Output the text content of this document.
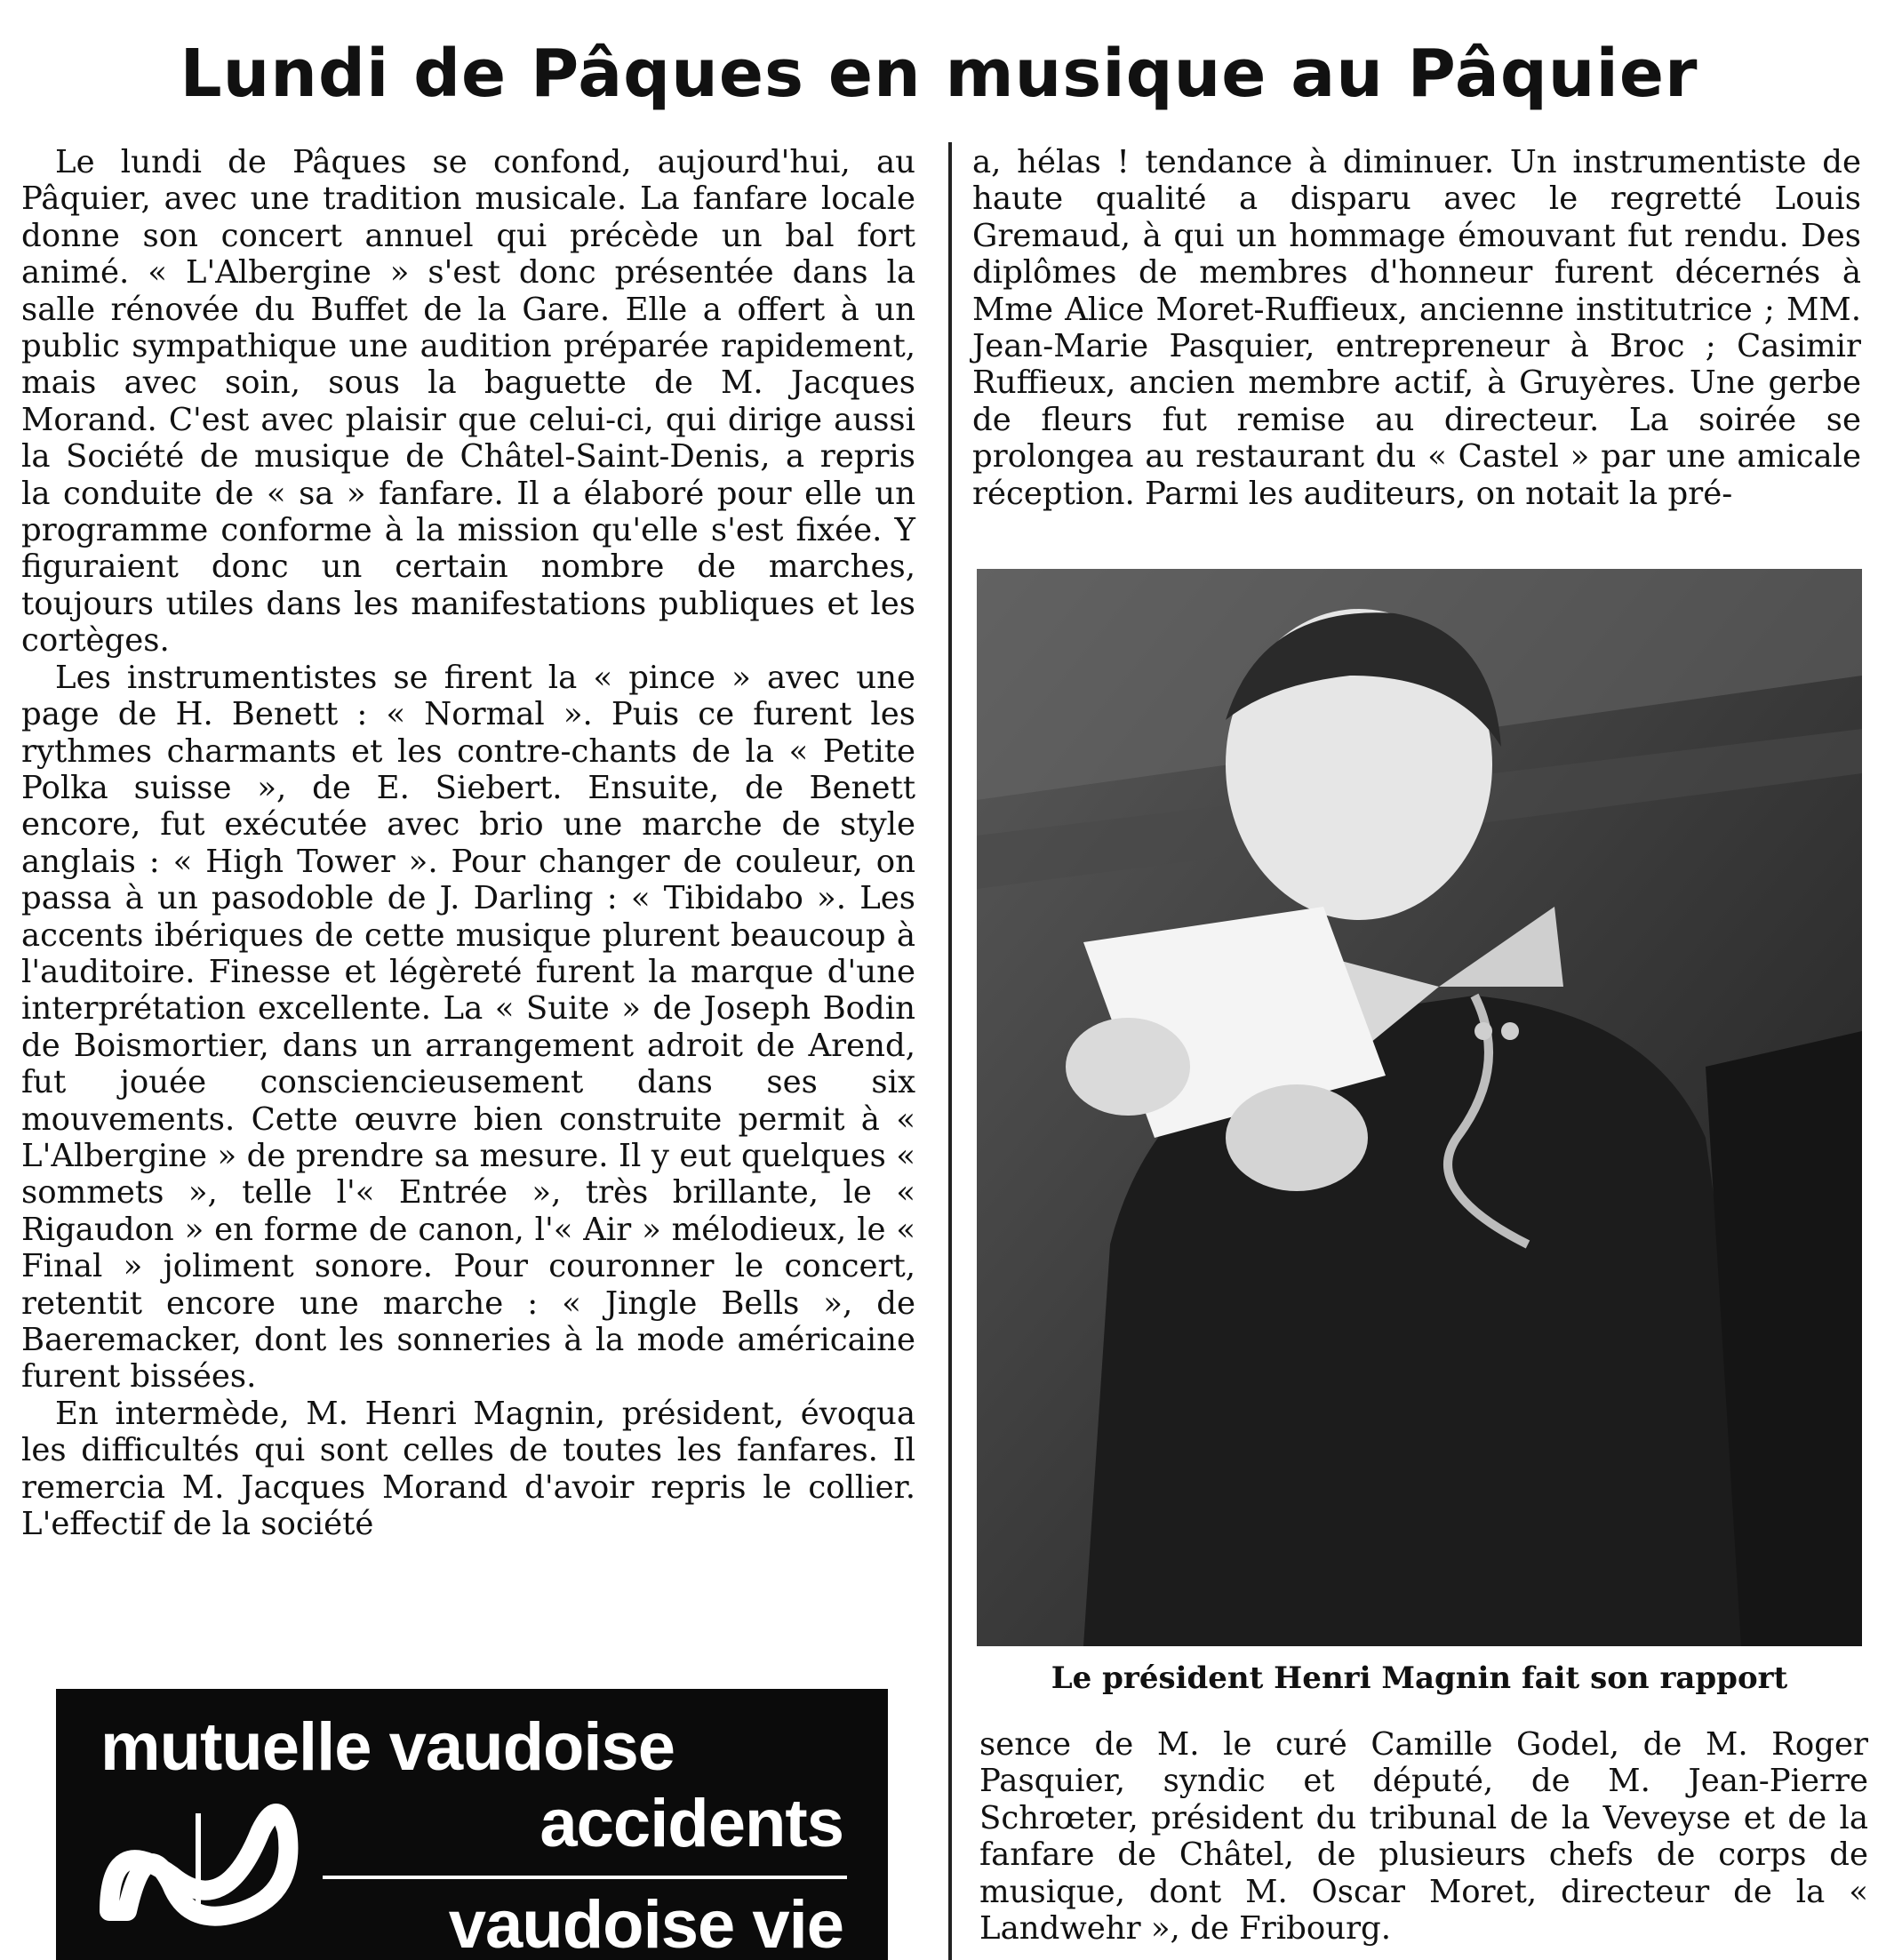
Lundi de Pâques en musique au Pâquier

Le lundi de Pâques se confond, aujourd'hui, au Pâquier, avec une tradition musicale. La fanfare locale donne son concert annuel qui précède un bal fort animé. « L'Albergine » s'est donc présentée dans la salle rénovée du Buffet de la Gare. Elle a offert à un public sympathique une audition préparée rapidement, mais avec soin, sous la baguette de M. Jacques Morand. C'est avec plaisir que celui-ci, qui dirige aussi la Société de musique de Châtel-Saint-Denis, a repris la conduite de « sa » fanfare. Il a élaboré pour elle un programme conforme à la mission qu'elle s'est fixée. Y figuraient donc un certain nombre de marches, toujours utiles dans les manifestations publiques et les cortèges.

Les instrumentistes se firent la « pince » avec une page de H. Benett : « Normal ». Puis ce furent les rythmes charmants et les contre-chants de la « Petite Polka suisse », de E. Siebert. Ensuite, de Benett encore, fut exécutée avec brio une marche de style anglais : « High Tower ». Pour changer de couleur, on passa à un pasodoble de J. Darling : « Tibidabo ». Les accents ibériques de cette musique plurent beaucoup à l'auditoire. Finesse et légèreté furent la marque d'une interprétation excellente. La « Suite » de Joseph Bodin de Boismortier, dans un arrangement adroit de Arend, fut jouée consciencieusement dans ses six mouvements. Cette œuvre bien construite permit à « L'Albergine » de prendre sa mesure. Il y eut quelques « sommets », telle l'« Entrée », très brillante, le « Rigaudon » en forme de canon, l'« Air » mélodieux, le « Final » joliment sonore. Pour couronner le concert, retentit encore une marche : « Jingle Bells », de Baeremacker, dont les sonneries à la mode américaine furent bissées.

En intermède, M. Henri Magnin, président, évoqua les difficultés qui sont celles de toutes les fanfares. Il remercia M. Jacques Morand d'avoir repris le collier. L'effectif de la société

a, hélas ! tendance à diminuer. Un instrumentiste de haute qualité a disparu avec le regretté Louis Gremaud, à qui un hommage émouvant fut rendu. Des diplômes de membres d'honneur furent décernés à Mme Alice Moret-Ruffieux, ancienne institutrice ; MM. Jean-Marie Pasquier, entrepreneur à Broc ; Casimir Ruffieux, ancien membre actif, à Gruyères. Une gerbe de fleurs fut remise au directeur. La soirée se prolongea au restaurant du « Castel » par une amicale réception. Parmi les auditeurs, on notait la pré-

Le président Henri Magnin fait son rapport

sence de M. le curé Camille Godel, de M. Roger Pasquier, syndic et député, de M. Jean-Pierre Schrœter, président du tribunal de la Veveyse et de la fanfare de Châtel, de plusieurs chefs de corps de musique, dont M. Oscar Moret, directeur de la « Landwehr », de Fribourg.

mutuelle vaudoise
accidents
vaudoise vie
